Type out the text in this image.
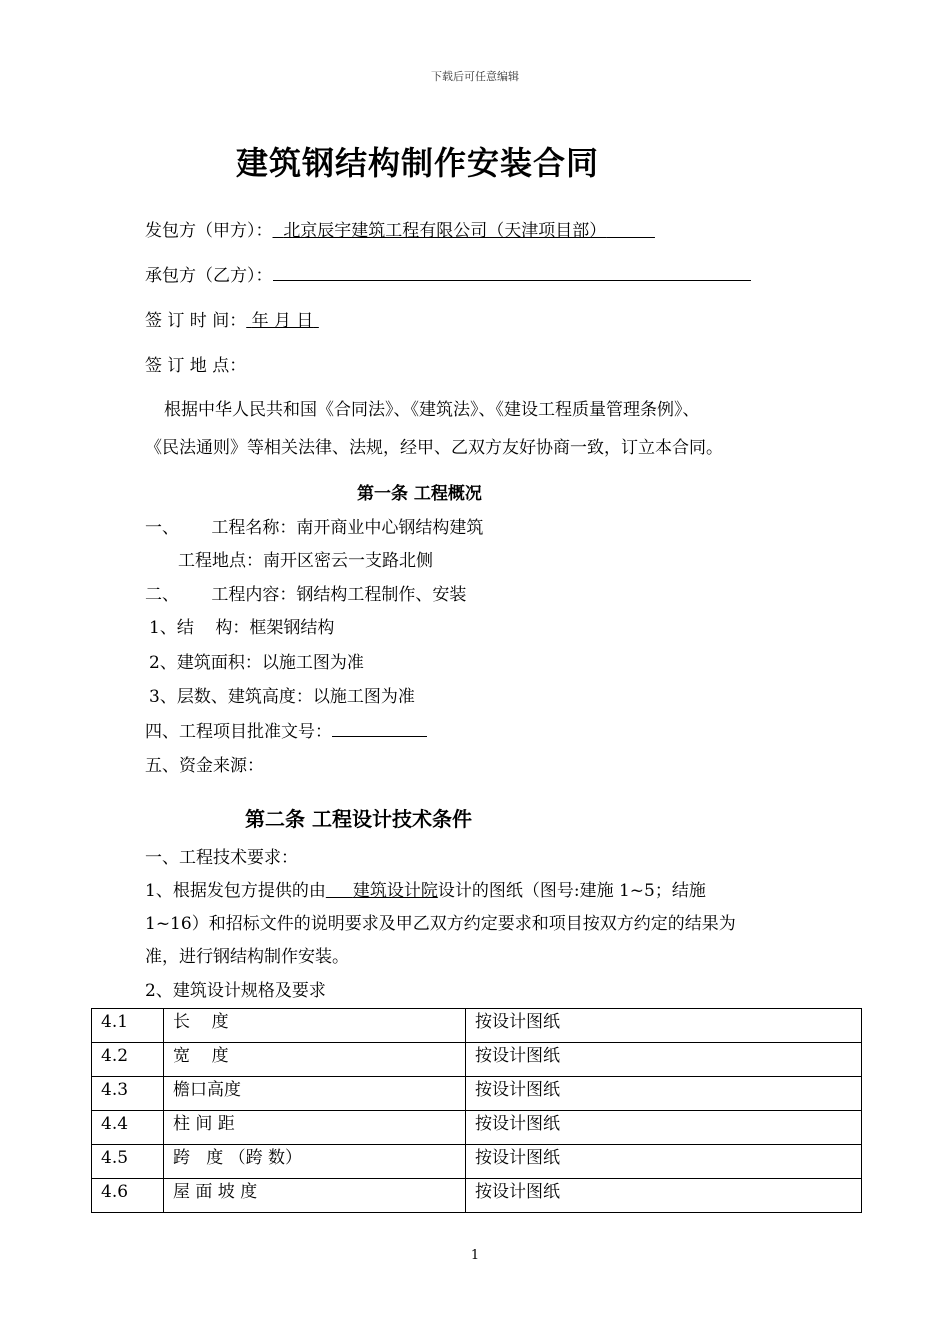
下载后可任意编辑
建筑钢结构制作安装合同
发包方（甲方）： 北京辰宇建筑工程有限公司（天津项目部）
承包方（乙方）：
签 订 时 间： 年 月 日
签 订 地 点：
根据中华人民共和国《合同法》、《建筑法》、《建设工程质量管理条例》、
《民法通则》等相关法律、法规，经甲、乙双方友好协商一致，订立本合同。
第一条 工程概况
一、      工程名称：南开商业中心钢结构建筑
工程地点：南开区密云一支路北侧
二、      工程内容：钢结构工程制作、安装
1、结    构：框架钢结构
2、建筑面积：以施工图为准
3、层数、建筑高度：以施工图为准
四、工程项目批准文号：
五、资金来源：
第二条 工程设计技术条件
一、工程技术要求：
1、根据发包方提供的由 建筑设计院设计的图纸（图号:建施 1~5；结施
1~16）和招标文件的说明要求及甲乙双方约定要求和项目按双方约定的结果为
准，进行钢结构制作安装。
2、建筑设计规格及要求
4.1	长    度	按设计图纸
4.2	宽    度	按设计图纸
4.3	檐口高度	按设计图纸
4.4	柱 间 距	按设计图纸
4.5	跨   度 （跨 数）	按设计图纸
4.6	屋 面 坡 度	按设计图纸
1
